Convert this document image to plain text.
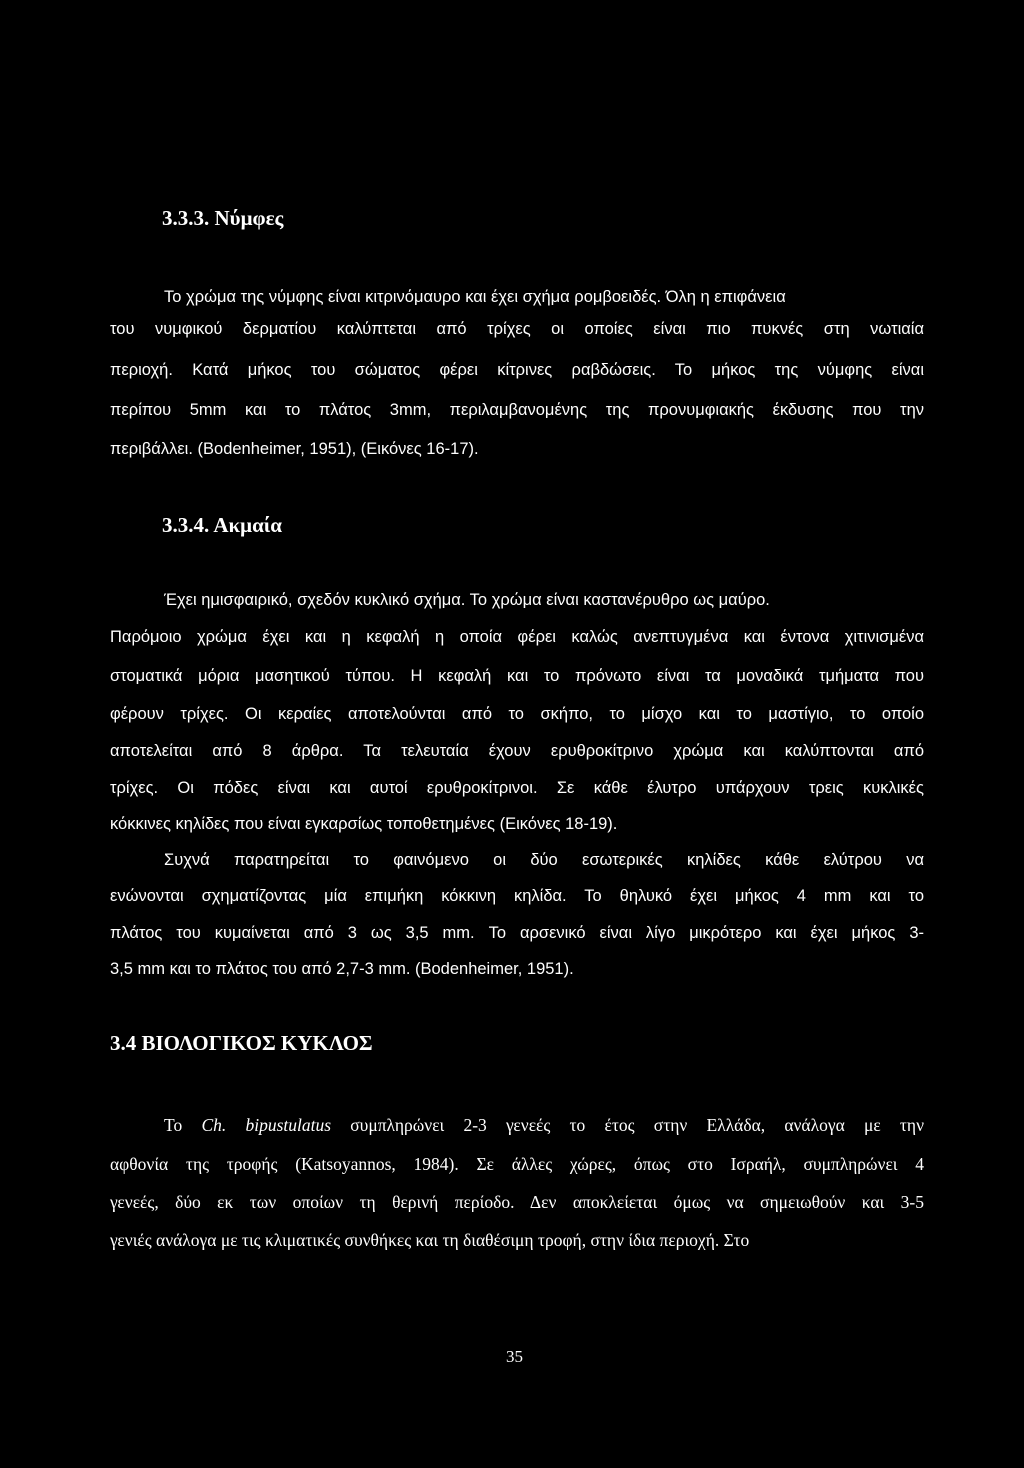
3.3.3. Νύμφες
Το χρώμα της νύμφης είναι κιτρινόμαυρο και έχει σχήμα ρομβοειδές. Όλη η επιφάνεια
του νυμφικού δερματίου καλύπτεται από τρίχες οι οποίες είναι πιο πυκνές στη νωτιαία
περιοχή. Κατά μήκος του σώματος φέρει κίτρινες ραβδώσεις. Το μήκος της νύμφης είναι
περίπου 5mm και το πλάτος 3mm, περιλαμβανομένης της προνυμφιακής έκδυσης που την
περιβάλλει. (Bodenheimer, 1951), (Εικόνες 16-17).
3.3.4. Ακμαία
Έχει ημισφαιρικό, σχεδόν κυκλικό σχήμα. Το χρώμα είναι καστανέρυθρο ως μαύρο.
Παρόμοιο χρώμα έχει και η κεφαλή η οποία φέρει καλώς ανεπτυγμένα και έντονα χιτινισμένα
στοματικά μόρια μασητικού τύπου. Η κεφαλή και το πρόνωτο είναι τα μοναδικά τμήματα που
φέρουν τρίχες. Οι κεραίες αποτελούνται από το σκήπο, το μίσχο και το μαστίγιο, το οποίο
αποτελείται από 8 άρθρα. Τα τελευταία έχουν ερυθροκίτρινο χρώμα και καλύπτονται από
τρίχες. Οι πόδες είναι και αυτοί ερυθροκίτρινοι. Σε κάθε έλυτρο υπάρχουν τρεις κυκλικές
κόκκινες κηλίδες που είναι εγκαρσίως τοποθετημένες (Εικόνες 18-19).
Συχνά παρατηρείται το φαινόμενο οι δύο εσωτερικές κηλίδες κάθε ελύτρου να
ενώνονται σχηματίζοντας μία επιμήκη κόκκινη κηλίδα. Το θηλυκό έχει μήκος 4 mm και το
πλάτος του κυμαίνεται από 3 ως 3,5 mm. Το αρσενικό είναι λίγο μικρότερο και έχει μήκος 3-
3,5 mm και το πλάτος του από 2,7-3 mm. (Bodenheimer, 1951).
3.4 ΒΙΟΛΟΓΙΚΟΣ ΚΥΚΛΟΣ
Το Ch. bipustulatus συμπληρώνει 2-3 γενεές το έτος στην Ελλάδα, ανάλογα με την
αφθονία της τροφής (Katsoyannos, 1984). Σε άλλες χώρες, όπως στο Ισραήλ, συμπληρώνει 4
γενεές, δύο εκ των οποίων τη θερινή περίοδο. Δεν αποκλείεται όμως να σημειωθούν και 3-5
γενιές ανάλογα με τις κλιματικές συνθήκες και τη διαθέσιμη τροφή, στην ίδια περιοχή. Στο
35
